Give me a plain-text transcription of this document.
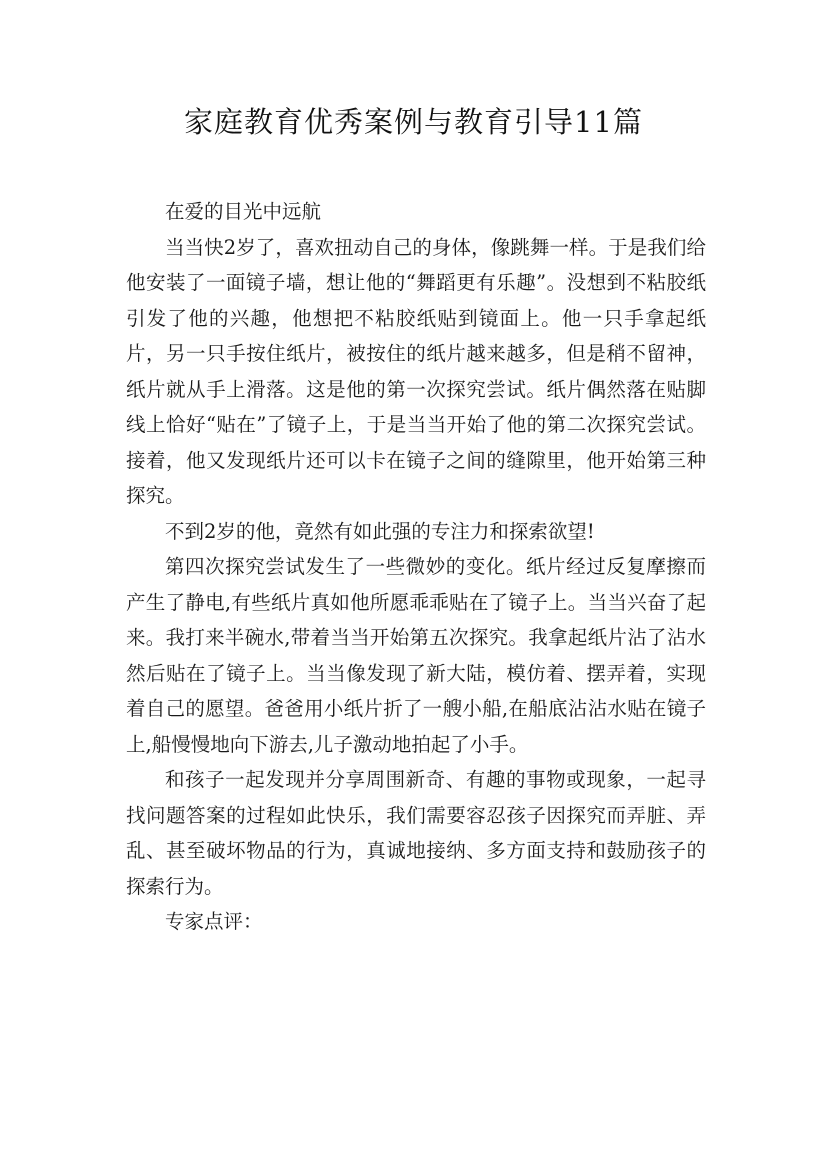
家庭教育优秀案例与教育引导11篇

在爱的目光中远航

当当快2岁了，喜欢扭动自己的身体，像跳舞一样。于是我们给他安装了一面镜子墙，想让他的“舞蹈更有乐趣”。没想到不粘胶纸引发了他的兴趣，他想把不粘胶纸贴到镜面上。他一只手拿起纸片，另一只手按住纸片，被按住的纸片越来越多，但是稍不留神，纸片就从手上滑落。这是他的第一次探究尝试。纸片偶然落在贴脚线上恰好“贴在”了镜子上，于是当当开始了他的第二次探究尝试。接着，他又发现纸片还可以卡在镜子之间的缝隙里，他开始第三种探究。

不到2岁的他，竟然有如此强的专注力和探索欲望!

第四次探究尝试发生了一些微妙的变化。纸片经过反复摩擦而产生了静电,有些纸片真如他所愿乖乖贴在了镜子上。当当兴奋了起来。我打来半碗水,带着当当开始第五次探究。我拿起纸片沾了沾水然后贴在了镜子上。当当像发现了新大陆，模仿着、摆弄着，实现着自己的愿望。爸爸用小纸片折了一艘小船,在船底沾沾水贴在镜子上,船慢慢地向下游去,儿子激动地拍起了小手。

和孩子一起发现并分享周围新奇、有趣的事物或现象，一起寻找问题答案的过程如此快乐，我们需要容忍孩子因探究而弄脏、弄乱、甚至破坏物品的行为，真诚地接纳、多方面支持和鼓励孩子的探索行为。

专家点评：
